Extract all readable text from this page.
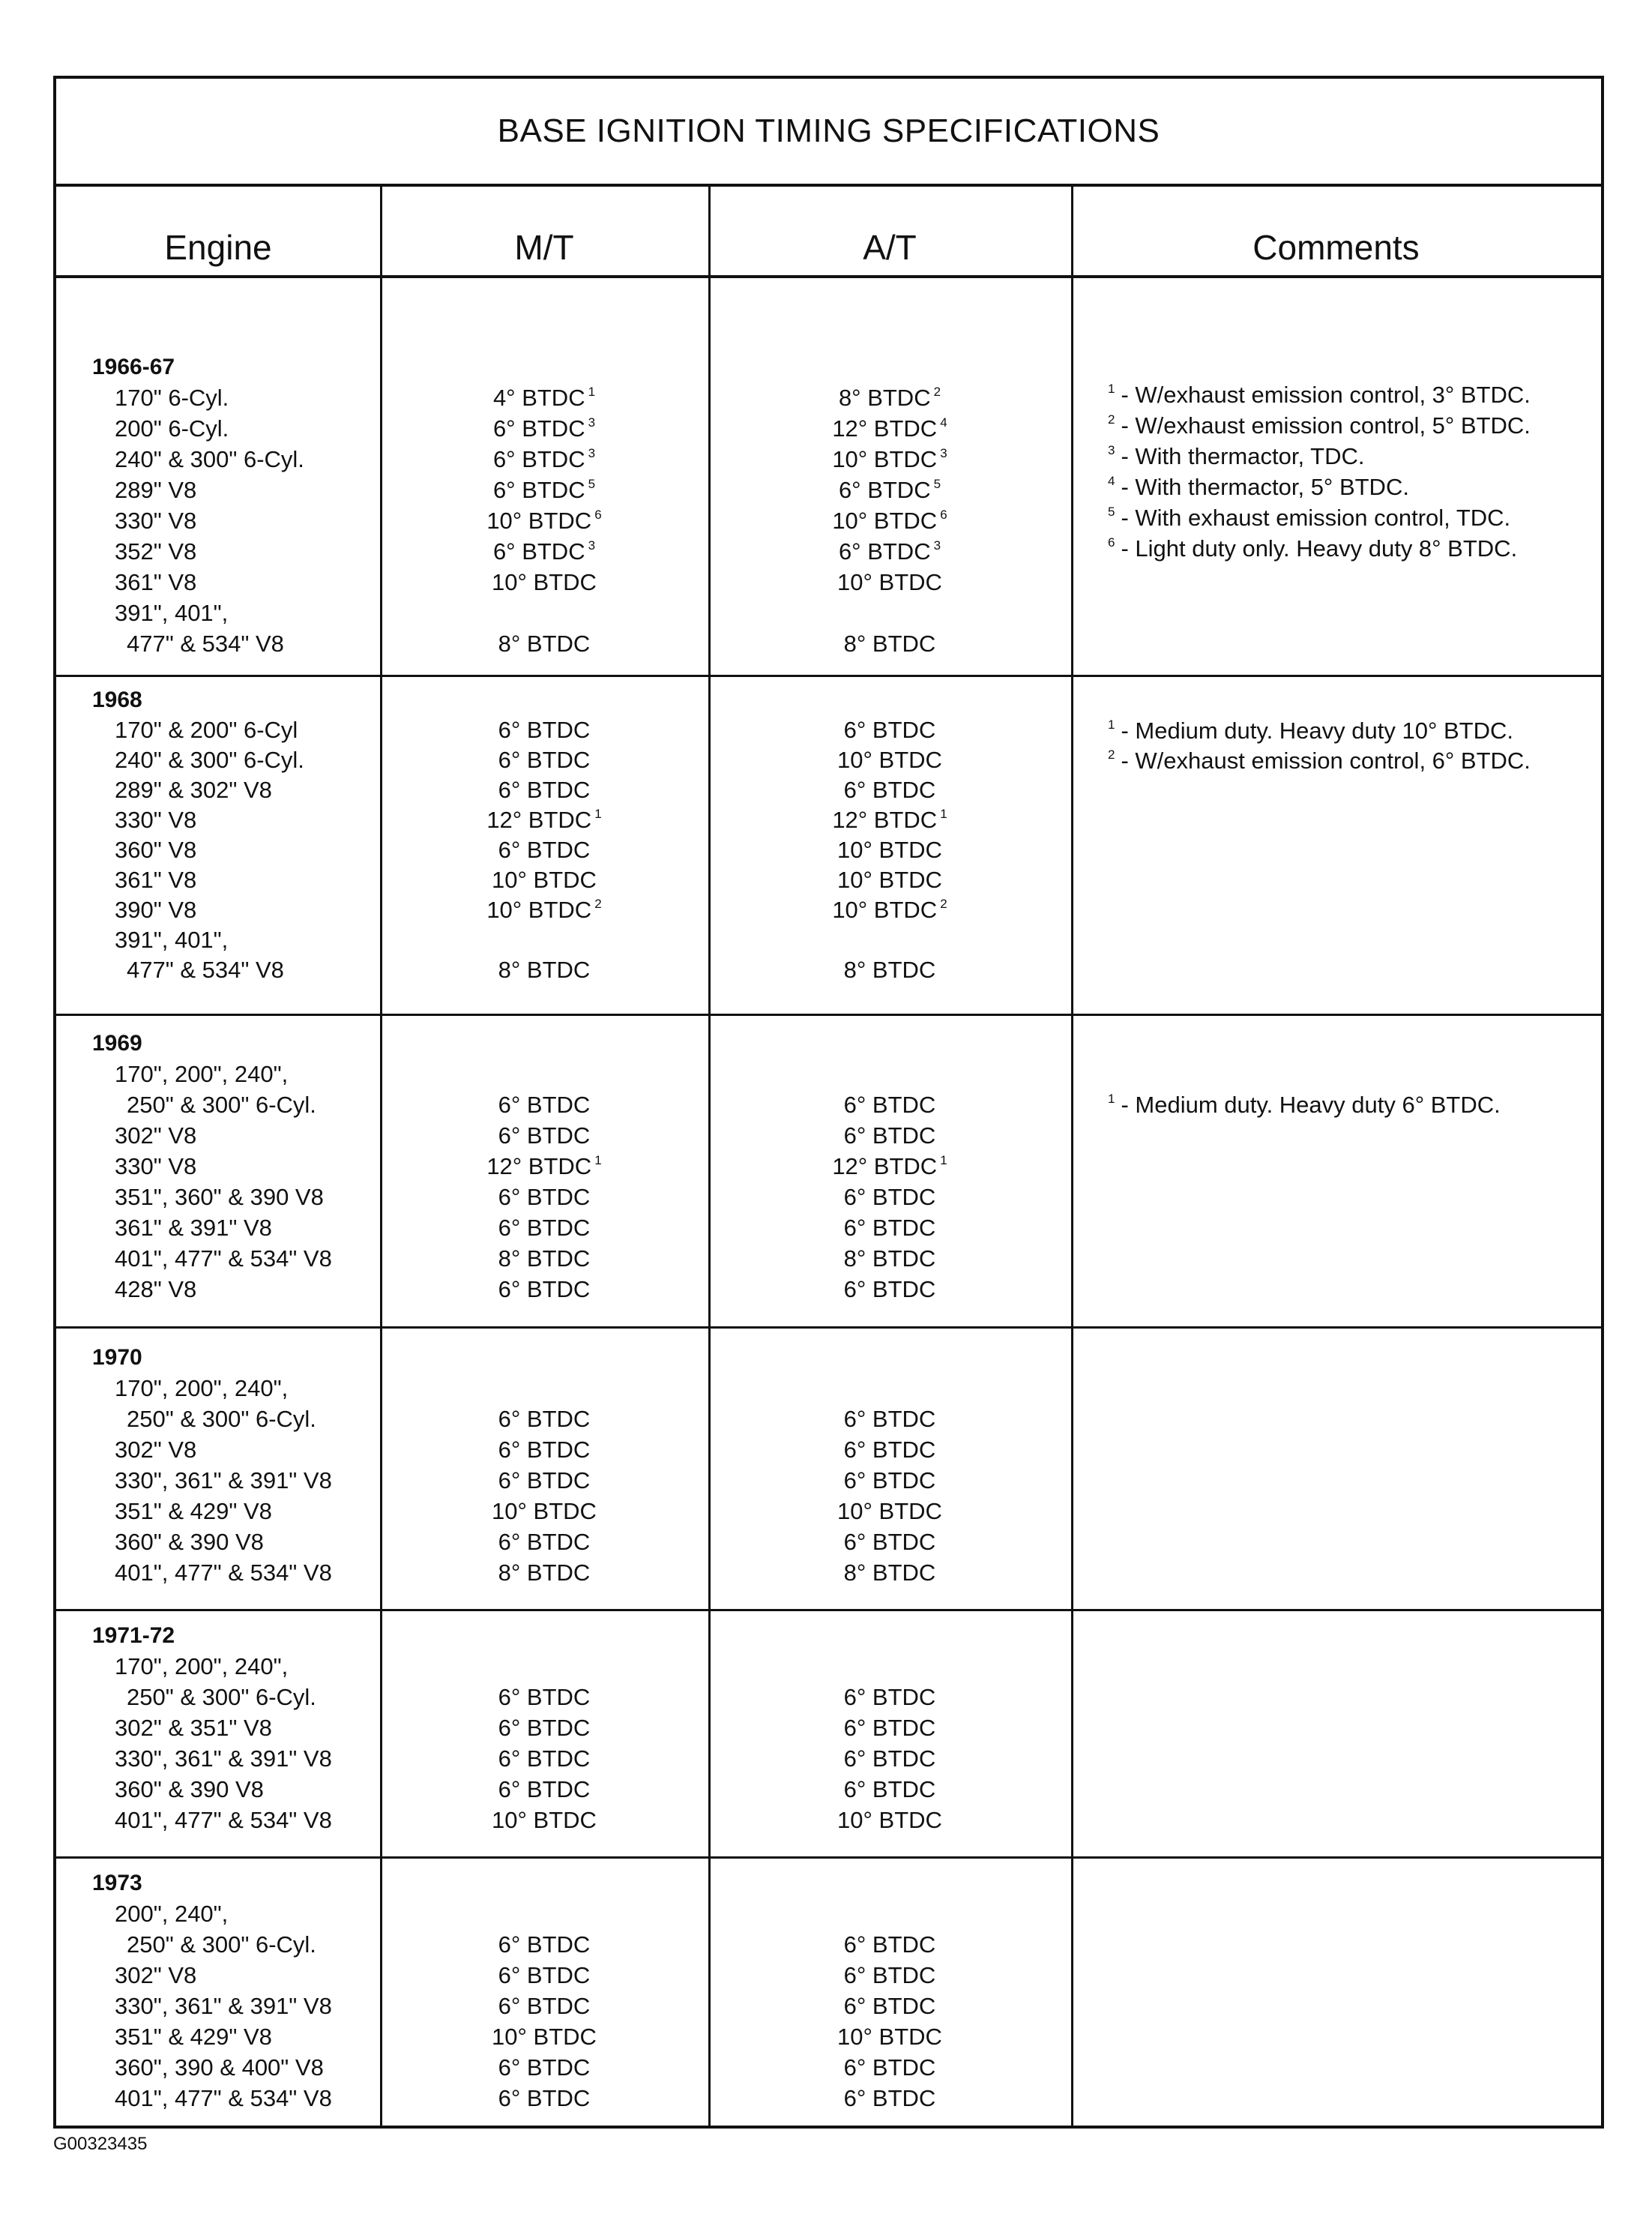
BASE IGNITION TIMING SPECIFICATIONS
Engine	M/T	A/T	Comments
1966-67
170" 6-Cyl.	4° BTDC $^1$	8° BTDC $^2$
200" 6-Cyl.	6° BTDC $^3$	12° BTDC $^4$
240" & 300" 6-Cyl.	6° BTDC $^3$	10° BTDC $^3$
289" V8	6° BTDC $^5$	6° BTDC $^5$
330" V8	10° BTDC $^6$	10° BTDC $^6$
352" V8	6° BTDC $^3$	6° BTDC $^3$
361" V8	10° BTDC	10° BTDC
391", 401",
477" & 534" V8	8° BTDC	8° BTDC
$^1$ - W/exhaust emission control, 3° BTDC.
$^2$ - W/exhaust emission control, 5° BTDC.
$^3$ - With thermactor, TDC.
$^4$ - With thermactor, 5° BTDC.
$^5$ - With exhaust emission control, TDC.
$^6$ - Light duty only. Heavy duty 8° BTDC.
1968
170" & 200" 6-Cyl	6° BTDC	6° BTDC
240" & 300" 6-Cyl.	6° BTDC	10° BTDC
289" & 302" V8	6° BTDC	6° BTDC
330" V8	12° BTDC $^1$	12° BTDC $^1$
360" V8	6° BTDC	10° BTDC
361" V8	10° BTDC	10° BTDC
390" V8	10° BTDC $^2$	10° BTDC $^2$
391", 401",
477" & 534" V8	8° BTDC	8° BTDC
$^1$ - Medium duty. Heavy duty 10° BTDC.
$^2$ - W/exhaust emission control, 6° BTDC.
1969
170", 200", 240",
250" & 300" 6-Cyl.	6° BTDC	6° BTDC
302" V8	6° BTDC	6° BTDC
330" V8	12° BTDC $^1$	12° BTDC $^1$
351", 360" & 390 V8	6° BTDC	6° BTDC
361" & 391" V8	6° BTDC	6° BTDC
401", 477" & 534" V8	8° BTDC	8° BTDC
428" V8	6° BTDC	6° BTDC
$^1$ - Medium duty. Heavy duty 6° BTDC.
1970
170", 200", 240",
250" & 300" 6-Cyl.	6° BTDC	6° BTDC
302" V8	6° BTDC	6° BTDC
330", 361" & 391" V8	6° BTDC	6° BTDC
351" & 429" V8	10° BTDC	10° BTDC
360" & 390 V8	6° BTDC	6° BTDC
401", 477" & 534" V8	8° BTDC	8° BTDC
1971-72
170", 200", 240",
250" & 300" 6-Cyl.	6° BTDC	6° BTDC
302" & 351" V8	6° BTDC	6° BTDC
330", 361" & 391" V8	6° BTDC	6° BTDC
360" & 390 V8	6° BTDC	6° BTDC
401", 477" & 534" V8	10° BTDC	10° BTDC
1973
200", 240",
250" & 300" 6-Cyl.	6° BTDC	6° BTDC
302" V8	6° BTDC	6° BTDC
330", 361" & 391" V8	6° BTDC	6° BTDC
351" & 429" V8	10° BTDC	10° BTDC
360", 390 & 400" V8	6° BTDC	6° BTDC
401", 477" & 534" V8	6° BTDC	6° BTDC
G00323435
